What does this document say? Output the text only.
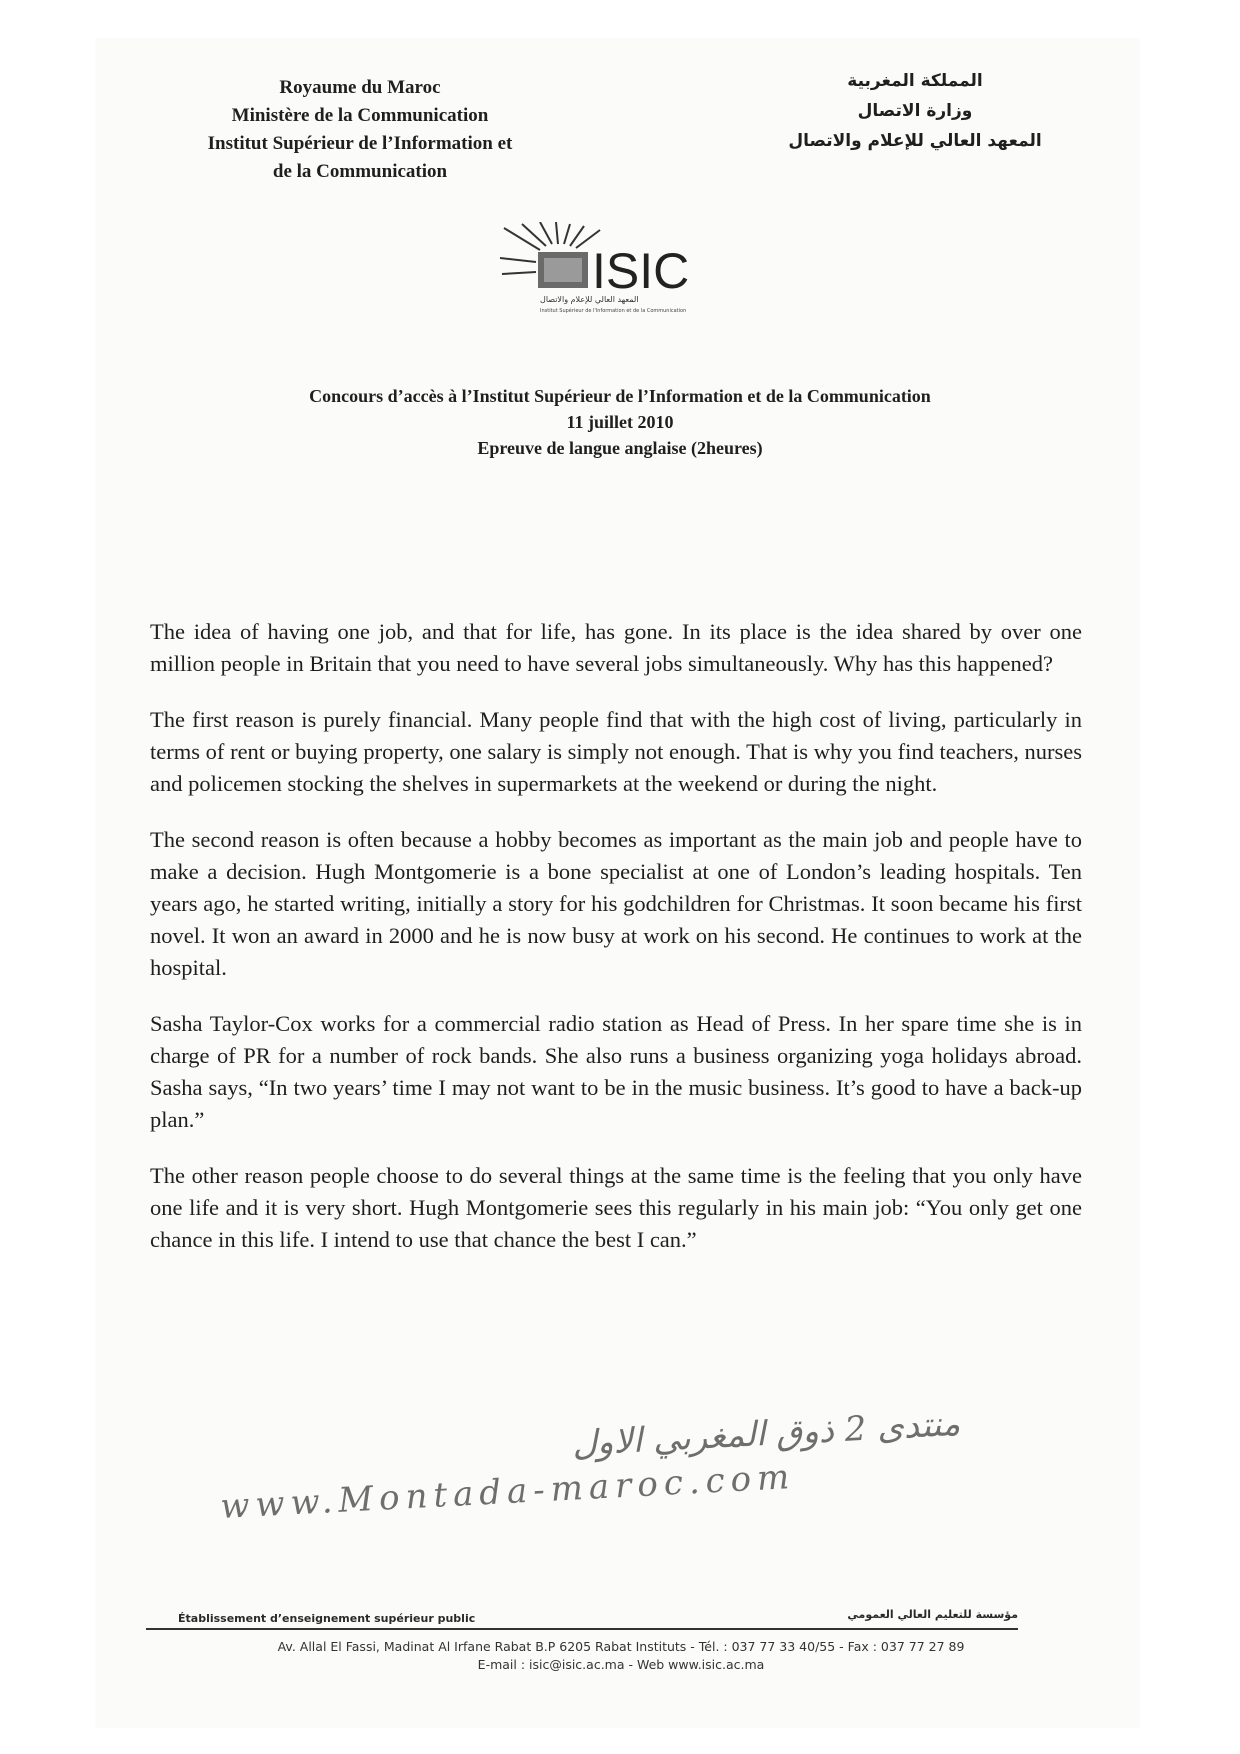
Royaume du Maroc
Ministère de la Communication
Institut Supérieur de l’Information et
de la Communication
المملكة المغربية
وزارة الاتصال
المعهد العالي للإعلام والاتصال
ISIC
المعهد العالي للإعلام والاتصال
Institut Supérieur de l'Information et de la Communication
Concours d’accès à l’Institut Supérieur de l’Information et de la Communication
11 juillet 2010
Epreuve de langue anglaise (2heures)

The idea of having one job, and that for life, has gone. In its place is the idea shared by over one million people in Britain that you need to have several jobs simultaneously. Why has this happened?

The first reason is purely financial. Many people find that with the high cost of living, particularly in terms of rent or buying property, one salary is simply not enough. That is why you find teachers, nurses and policemen stocking the shelves in supermarkets at the weekend or during the night.

The second reason is often because a hobby becomes as important as the main job and people have to make a decision. Hugh Montgomerie is a bone specialist at one of London’s leading hospitals. Ten years ago, he started writing, initially a story for his godchildren for Christmas. It soon became his first novel. It won an award in 2000 and he is now busy at work on his second. He continues to work at the hospital.

Sasha Taylor-Cox works for a commercial radio station as Head of Press. In her spare time she is in charge of PR for a number of rock bands. She also runs a business organizing yoga holidays abroad. Sasha says, “In two years’ time I may not want to be in the music business. It’s good to have a back-up plan.”

The other reason people choose to do several things at the same time is the feeling that you only have one life and it is very short. Hugh Montgomerie sees this regularly in his main job: “You only get one chance in this life. I intend to use that chance the best I can.”

منتدى 2 ذوق المغربي الاول
www.Montada-maroc.com
Établissement d’enseignement supérieur public	مؤسسة للتعليم العالي العمومي
Av. Allal El Fassi, Madinat Al Irfane Rabat B.P 6205 Rabat Instituts - Tél. : 037 77 33 40/55 - Fax : 037 77 27 89
E-mail : isic@isic.ac.ma - Web www.isic.ac.ma
